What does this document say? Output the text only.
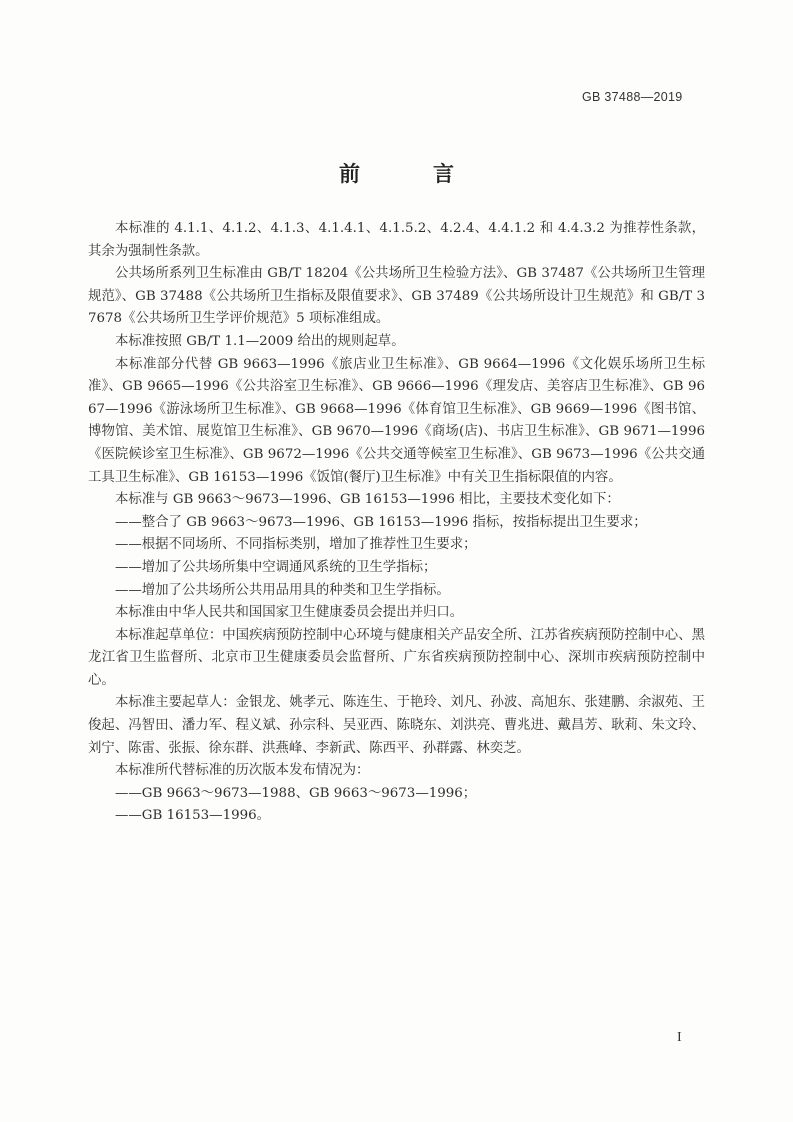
GB 37488—2019
前　言

本标准的 4.1.1、4.1.2、4.1.3、4.1.4.1、4.1.5.2、4.2.4、4.4.1.2 和 4.4.3.2 为推荐性条款，其余为强制性条款。

公共场所系列卫生标准由 GB/T 18204《公共场所卫生检验方法》、GB 37487《公共场所卫生管理规范》、GB 37488《公共场所卫生指标及限值要求》、GB 37489《公共场所设计卫生规范》和 GB/T 37678《公共场所卫生学评价规范》5 项标准组成。

本标准按照 GB/T 1.1—2009 给出的规则起草。

本标准部分代替 GB 9663—1996《旅店业卫生标准》、GB 9664—1996《文化娱乐场所卫生标准》、GB 9665—1996《公共浴室卫生标准》、GB 9666—1996《理发店、美容店卫生标准》、GB 9667—1996《游泳场所卫生标准》、GB 9668—1996《体育馆卫生标准》、GB 9669—1996《图书馆、博物馆、美术馆、展览馆卫生标准》、GB 9670—1996《商场(店)、书店卫生标准》、GB 9671—1996《医院候诊室卫生标准》、GB 9672—1996《公共交通等候室卫生标准》、GB 9673—1996《公共交通工具卫生标准》、GB 16153—1996《饭馆(餐厅)卫生标准》中有关卫生指标限值的内容。

本标准与 GB 9663～9673—1996、GB 16153—1996 相比，主要技术变化如下：

——整合了 GB 9663～9673—1996、GB 16153—1996 指标，按指标提出卫生要求；

——根据不同场所、不同指标类别，增加了推荐性卫生要求；

——增加了公共场所集中空调通风系统的卫生学指标；

——增加了公共场所公共用品用具的种类和卫生学指标。

本标准由中华人民共和国国家卫生健康委员会提出并归口。

本标准起草单位：中国疾病预防控制中心环境与健康相关产品安全所、江苏省疾病预防控制中心、黑龙江省卫生监督所、北京市卫生健康委员会监督所、广东省疾病预防控制中心、深圳市疾病预防控制中心。

本标准主要起草人：金银龙、姚孝元、陈连生、于艳玲、刘凡、孙波、高旭东、张建鹏、余淑苑、王俊起、冯智田、潘力军、程义斌、孙宗科、吴亚西、陈晓东、刘洪亮、曹兆进、戴昌芳、耿莉、朱文玲、刘宁、陈雷、张振、徐东群、洪燕峰、李新武、陈西平、孙群露、林奕芝。

本标准所代替标准的历次版本发布情况为：

——GB 9663～9673—1988、GB 9663～9673—1996；

——GB 16153—1996。

I
